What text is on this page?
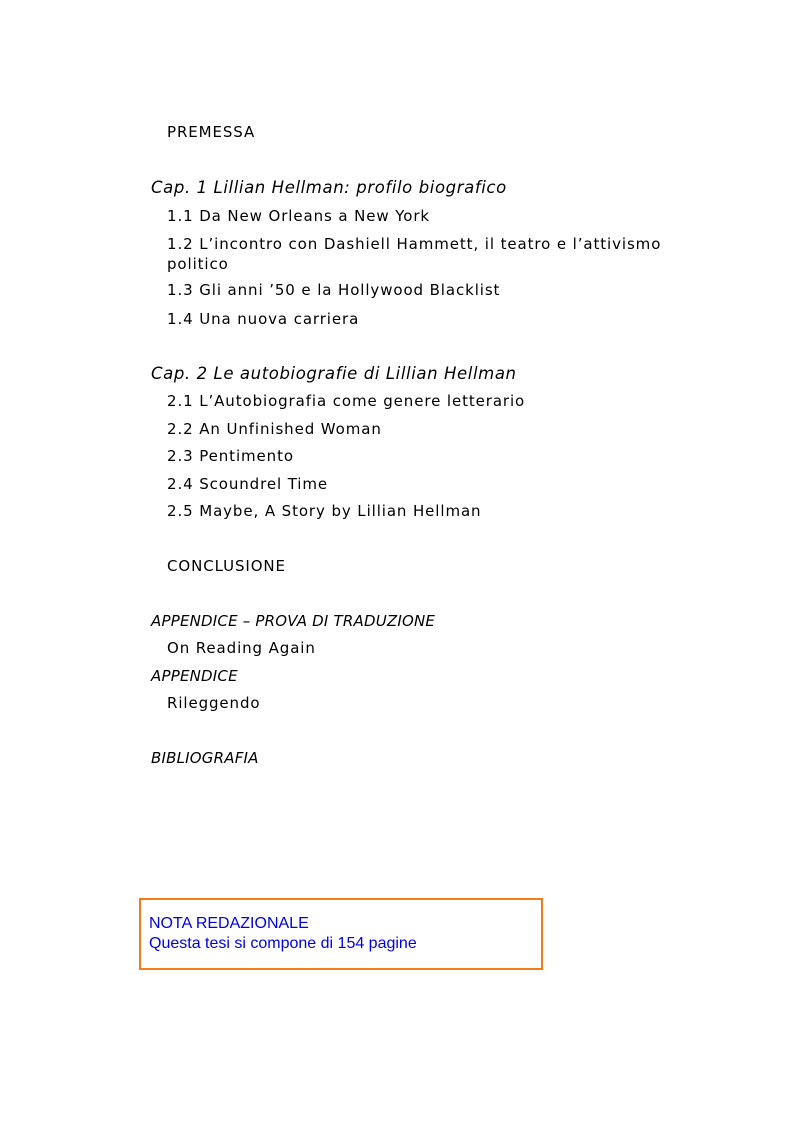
PREMESSA
Cap. 1 Lillian Hellman: profilo biografico
1.1 Da New Orleans a New York
1.2 L’incontro con Dashiell Hammett, il teatro e l’attivismo politico
1.3 Gli anni ’50 e la Hollywood Blacklist
1.4 Una nuova carriera
Cap. 2 Le autobiografie di Lillian Hellman
2.1 L’Autobiografia come genere letterario
2.2 An Unfinished Woman
2.3 Pentimento
2.4 Scoundrel Time
2.5 Maybe, A Story by Lillian Hellman
CONCLUSIONE
APPENDICE – PROVA DI TRADUZIONE
On Reading Again
APPENDICE
Rileggendo
BIBLIOGRAFIA
NOTA REDAZIONALE
Questa tesi si compone di 154 pagine
